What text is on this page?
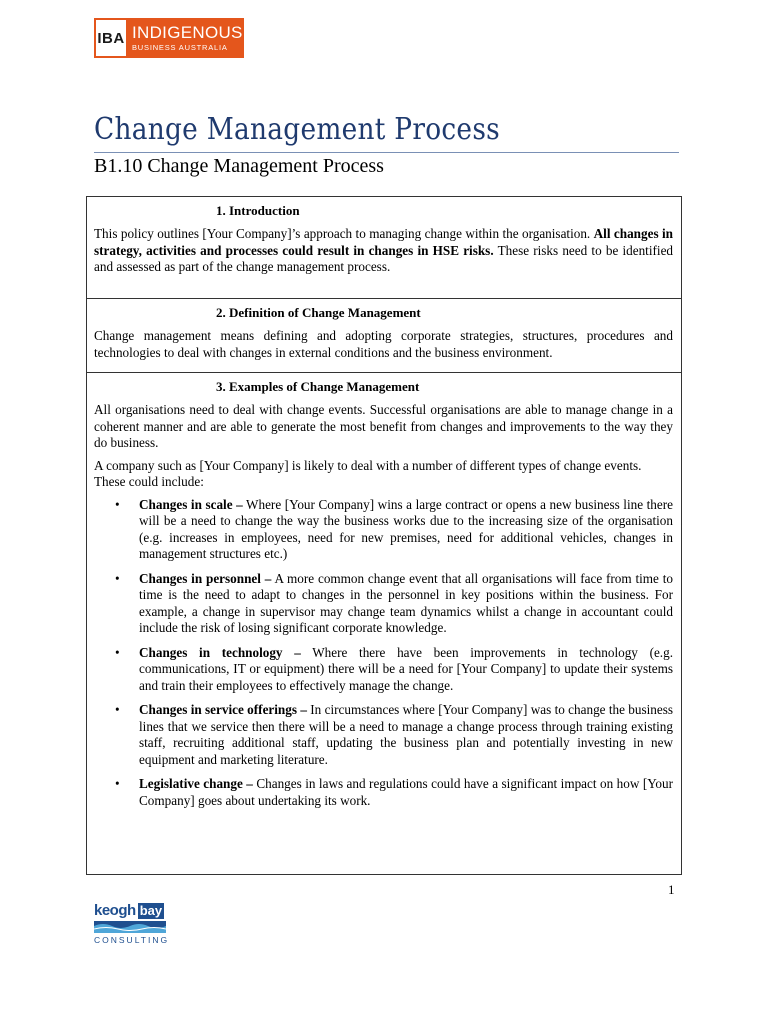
IBA INDIGENOUS
BUSINESS AUSTRALIA
Change Management Process
B1.10 Change Management Process
1. Introduction

This policy outlines [Your Company]’s approach to managing change within the organisation. All changes in strategy, activities and processes could result in changes in HSE risks. These risks need to be identified and assessed as part of the change management process.

2. Definition of Change Management

Change management means defining and adopting corporate strategies, structures, procedures and technologies to deal with changes in external conditions and the business environment.

3. Examples of Change Management

All organisations need to deal with change events. Successful organisations are able to manage change in a coherent manner and are able to generate the most benefit from changes and improvements to the way they do business.

A company such as [Your Company] is likely to deal with a number of different types of change events. These could include:

• Changes in scale – Where [Your Company] wins a large contract or opens a new business line there will be a need to change the way the business works due to the increasing size of the organisation (e.g. increases in employees, need for new premises, need for additional vehicles, changes in management structures etc.)
• Changes in personnel – A more common change event that all organisations will face from time to time is the need to adapt to changes in the personnel in key positions within the business. For example, a change in supervisor may change team dynamics whilst a change in accountant could include the risk of losing significant corporate knowledge.
• Changes in technology – Where there have been improvements in technology (e.g. communications, IT or equipment) there will be a need for [Your Company] to update their systems and train their employees to effectively manage the change.
• Changes in service offerings – In circumstances where [Your Company] was to change the business lines that we service then there will be a need to manage a change process through training existing staff, recruiting additional staff, updating the business plan and potentially investing in new equipment and marketing literature.
• Legislative change – Changes in laws and regulations could have a significant impact on how [Your Company] goes about undertaking its work.
1
keogh bay
CONSULTING
